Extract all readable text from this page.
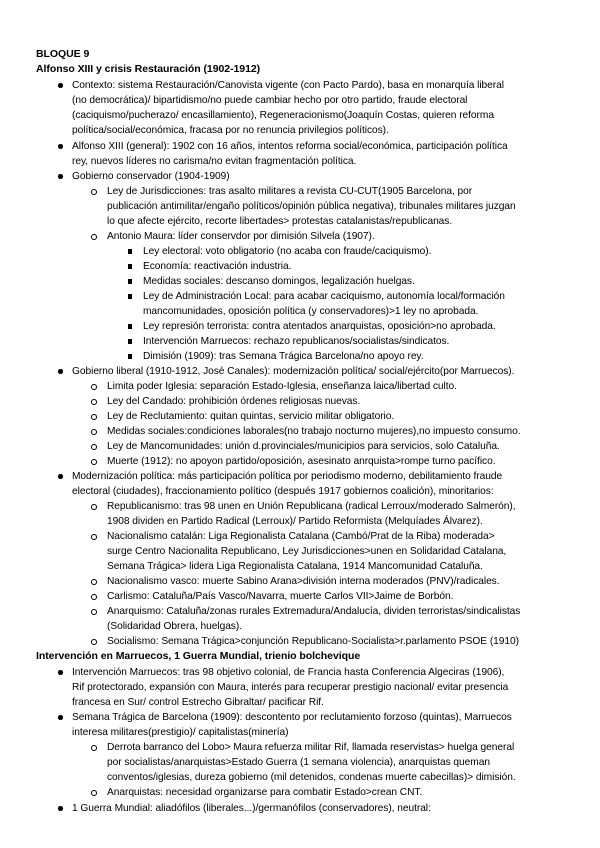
BLOQUE 9
Alfonso XIII y crisis Restauración (1902-1912)
Contexto: sistema Restauración/Canovista vigente (con Pacto Pardo), basa en monarquía liberal
(no democrática)/ bipartidismo/no puede cambiar hecho por otro partido, fraude electoral
(caciquismo/pucherazo/ encasillamiento), Regeneracionismo(Joaquín Costas, quieren reforma
política/social/económica, fracasa por no renuncia privilegios políticos).
Alfonso XIII (general): 1902 con 16 años, intentos reforma social/económica, participación política
rey, nuevos líderes no carisma/no evitan fragmentación política.
Gobierno conservador (1904-1909)
Ley de Jurisdicciones: tras asalto militares a revista CU-CUT(1905 Barcelona, por
publicación antimilitar/engaño políticos/opinión pública negativa), tribunales militares juzgan
lo que afecte ejército, recorte libertades> protestas catalanistas/republicanas.
Antonio Maura: líder conservdor por dimisión Silvela (1907).
Ley electoral: voto obligatorio (no acaba con fraude/caciquismo).
Economía: reactivación industria.
Medidas sociales: descanso domingos, legalización huelgas.
Ley de Administración Local: para acabar caciquismo, autonomía local/formación
mancomunidades, oposición política (y conservadores)>1 ley no aprobada.
Ley represión terrorista: contra atentados anarquistas, oposición>no aprobada.
Intervención Marruecos: rechazo republicanos/socialistas/sindicatos.
Dimisión (1909): tras Semana Trágica Barcelona/no apoyo rey.
Gobierno liberal (1910-1912, José Canales): modernización política/ social/ejército(por Marruecos).
Limita poder Iglesia: separación Estado-Iglesia, enseñanza laica/libertad culto.
Ley del Candado: prohibición órdenes religiosas nuevas.
Ley de Reclutamiento: quitan quintas, servicio militar obligatorio.
Medidas sociales:condiciones laborales(no trabajo nocturno mujeres),no impuesto consumo.
Ley de Mancomunidades: unión d.provinciales/municipios para servicios, solo Cataluña.
Muerte (1912): no apoyon partido/oposición, asesinato anrquista>rompe turno pacífico.
Modernización política: más participación política por periodismo moderno, debilitamiento fraude
electoral (ciudades), fraccionamiento político (después 1917 gobiernos coalición), minoritarios:
Republicanismo: tras 98 unen en Unión Republicana (radical Lerroux/moderado Salmerón),
1908 dividen en Partido Radical (Lerroux)/ Partido Reformista (Melquíades Álvarez).
Nacionalismo catalán: Liga Regionalista Catalana (Cambó/Prat de la Riba) moderada>
surge Centro Nacionalita Republicano, Ley Jurisdicciones>unen en Solidaridad Catalana,
Semana Trágica> lidera Liga Regionalista Catalana, 1914 Mancomunidad Cataluña.
Nacionalismo vasco: muerte Sabino Arana>división interna moderados (PNV)/radicales.
Carlismo: Cataluña/País Vasco/Navarra, muerte Carlos VII>Jaime de Borbón.
Anarquismo: Cataluña/zonas rurales Extremadura/Andalucía, dividen terroristas/sindicalistas
(Solidaridad Obrera, huelgas).
Socialismo: Semana Trágica>conjunción Republicano-Socialista>r.parlamento PSOE (1910)
Intervención en Marruecos, 1 Guerra Mundial, trienio bolchevique
Intervención Marruecos: tras 98 objetivo colonial, de Francia hasta Conferencia Algeciras (1906),
Rif protectorado, expansión con Maura, interés para recuperar prestigio nacional/ evitar presencia
francesa en Sur/ control Estrecho Gibraltar/ pacificar Rif.
Semana Trágica de Barcelona (1909): descontento por reclutamiento forzoso (quintas), Marruecos
interesa militares(prestigio)/ capitalistas(minería)
Derrota barranco del Lobo> Maura refuerza militar Rif, llamada reservistas> huelga general
por socialistas/anarquistas>Estado Guerra (1 semana violencia), anarquistas queman
conventos/iglesias, dureza gobierno (mil detenidos, condenas muerte cabecillas)> dimisión.
Anarquistas: necesidad organizarse para combatir Estado>crean CNT.
1 Guerra Mundial: aliadófilos (liberales...)/germanófilos (conservadores), neutral:
